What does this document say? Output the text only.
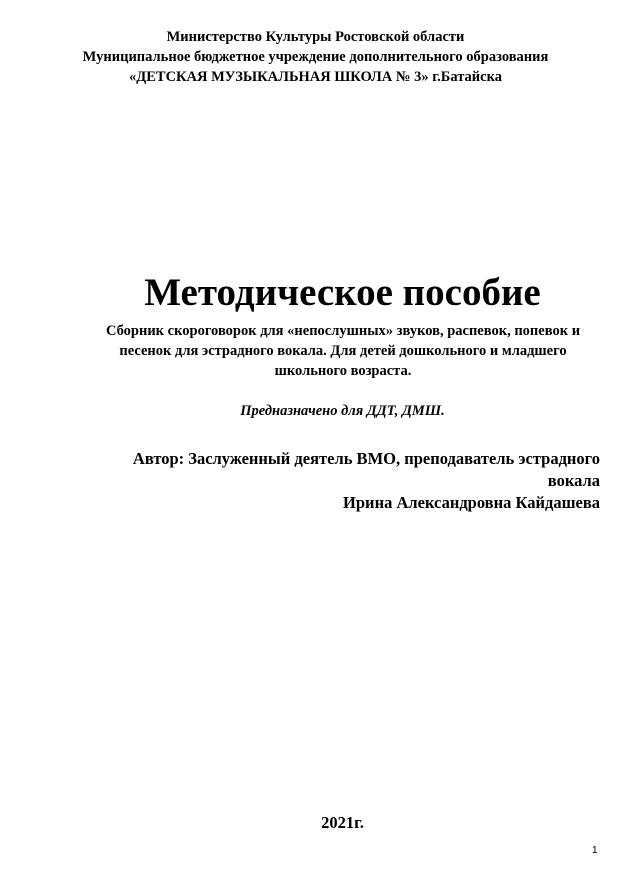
Министерство Культуры Ростовской области
Муниципальное бюджетное учреждение дополнительного образования
«ДЕТСКАЯ МУЗЫКАЛЬНАЯ ШКОЛА № 3» г.Батайска
Методическое пособие
Сборник скороговорок для «непослушных» звуков, распевок, попевок и
песенок для эстрадного вокала. Для детей дошкольного и младшего
школьного возраста.
Предназначено для ДДТ, ДМШ.
Автор: Заслуженный деятель ВМО, преподаватель эстрадного
вокала
Ирина Александровна Кайдашева
2021г.
1
